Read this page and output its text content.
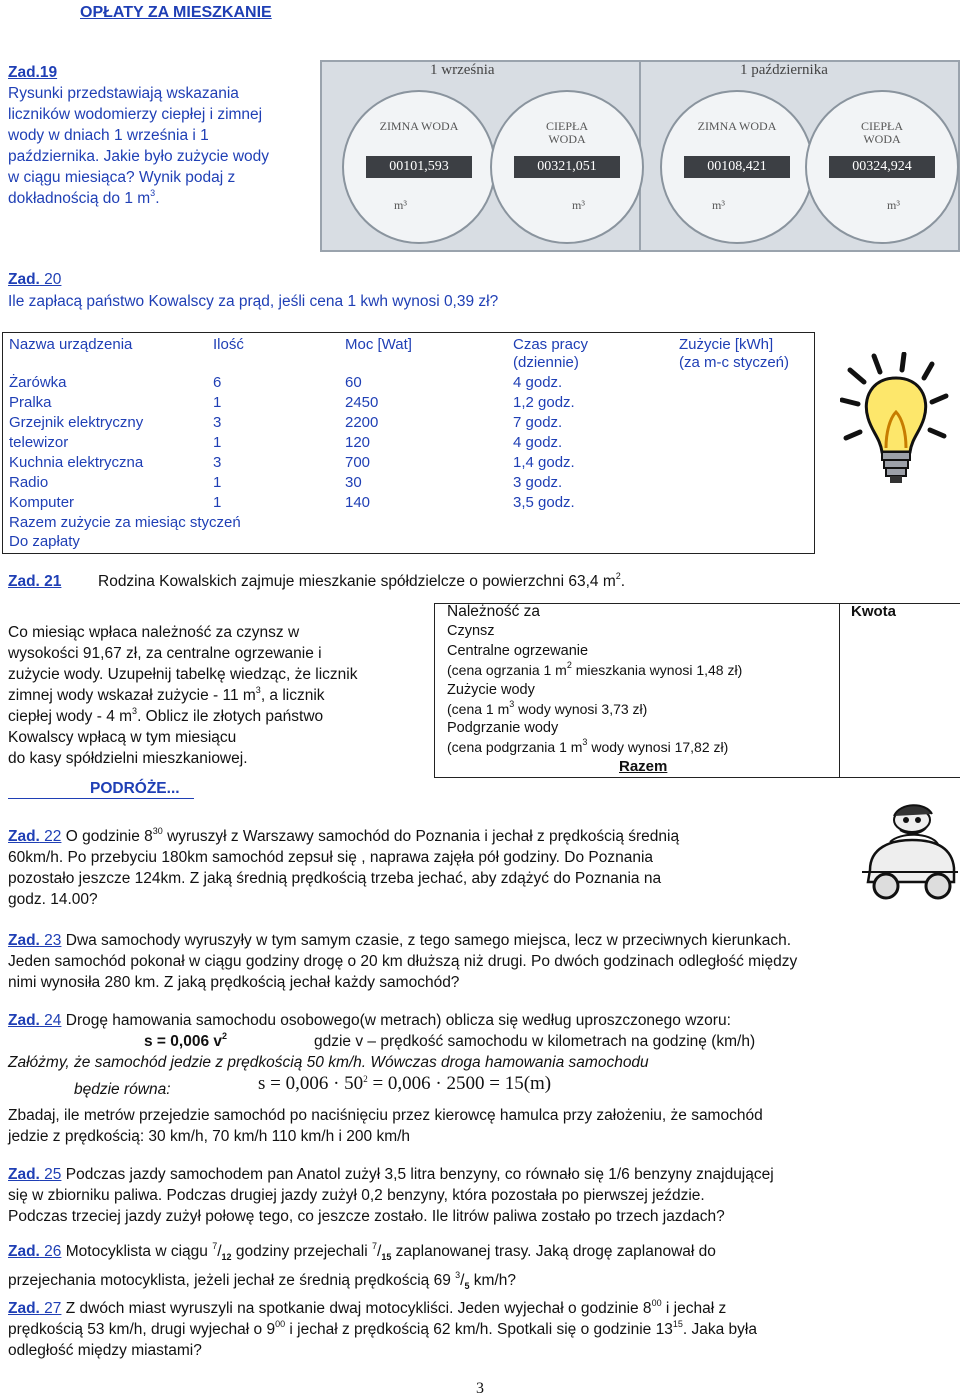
OPŁATY ZA MIESZKANIE
Zad.19
Rysunki przedstawiają wskazania
liczników wodomierzy ciepłej i zimnej
wody w dniach 1 września i 1
października. Jakie było zużycie wody
w ciągu miesiąca? Wynik podaj z
dokładnością do 1 $m^3$.
1 września	1 października
ZIMNA WODA
00101,593
m³
CIEPŁA WODA
00321,051
m³
ZIMNA WODA
00108,421
m³
CIEPŁA WODA
00324,924
m³
Zad. 20
Ile zapłacą państwo Kowalscy za prąd, jeśli cena 1 kwh wynosi 0,39 zł?
Nazwa urządzenia	Ilość	Moc [Wat]	Czas pracy
(dziennie)
Zużycie [kWh]
(za m-c styczeń)
Żarówka	6	60	4 godz.
Pralka	1	2450	1,2 godz.
Grzejnik elektryczny	3	2200	7 godz.
telewizor	1	120	4 godz.
Kuchnia elektryczna	3	700	1,4 godz.
Radio	1	30	3 godz.
Komputer	1	140	3,5 godz.
Razem zużycie za miesiąc styczeń
Do zapłaty
Zad. 21 Rodzina Kowalskich zajmuje mieszkanie spółdzielcze o powierzchni 63,4 $m^2$.
Co miesiąc wpłaca należność za czynsz w
wysokości 91,67 zł, za centralne ogrzewanie i
zużycie wody. Uzupełnij tabelkę wiedząc, że licznik
zimnej wody wskazał zużycie - 11 $m^3$, a licznik
ciepłej wody - 4 $m^3$. Oblicz ile złotych państwo
Kowalscy wpłacą w tym miesiącu
do kasy spółdzielni mieszkaniowej.
Należność za	Kwota
Czynsz
Centralne ogrzewanie
(cena ogrzania 1 $m^2$ mieszkania wynosi 1,48 zł)
Zużycie wody
(cena 1 $m^3$ wody wynosi 3,73 zł)
Podgrzanie wody
(cena podgrzania 1 $m^3$ wody wynosi 17,82 zł)
Razem
PODRÓŻE...
Zad. 22 O godzinie $8^{30}$ wyruszył z Warszawy samochód do Poznania i jechał z prędkością średnią
60km/h. Po przebyciu 180km samochód zepsuł się , naprawa zajęła pół godziny. Do Poznania
pozostało jeszcze 124km. Z jaką średnią prędkością trzeba jechać, aby zdążyć do Poznania na
godz. 14.00?
Zad. 23 Dwa samochody wyruszyły w tym samym czasie, z tego samego miejsca, lecz w przeciwnych kierunkach.
Jeden samochód pokonał w ciągu godziny drogę o 20 km dłuższą niż drugi. Po dwóch godzinach odległość między
nimi wynosiła 280 km. Z jaką prędkością jechał każdy samochód?
Zad. 24 Drogę hamowania samochodu osobowego(w metrach) oblicza się według uproszczonego wzoru:
s = 0,006 $v^2$	gdzie v – prędkość samochodu w kilometrach na godzinę (km/h)
Załóżmy, że samochód jedzie z prędkością 50 km/h. Wówczas droga hamowania samochodu
będzie równa:	$s = 0,006 \cdot 50^2 = 0,006 \cdot 2500 = 15(m)$
Zbadaj, ile metrów przejedzie samochód po naciśnięciu przez kierowcę hamulca przy założeniu, że samochód
jedzie z prędkością: 30 km/h, 70 km/h 110 km/h i 200 km/h
Zad. 25 Podczas jazdy samochodem pan Anatol zużył 3,5 litra benzyny, co równało się 1/6 benzyny znajdującej
się w zbiorniku paliwa. Podczas drugiej jazdy zużył 0,2 benzyny, która pozostała po pierwszej jeździe.
Podczas trzeciej jazdy zużył połowę tego, co jeszcze zostało. Ile litrów paliwa zostało po trzech jazdach?
Zad. 26 Motocyklista w ciągu $^7/_{12}$ godziny przejechali $^7/_{15}$ zaplanowanej trasy. Jaką drogę zaplanował do
przejechania motocyklista, jeżeli jechał ze średnią prędkością 69 $^3/_5$ km/h?
Zad. 27 Z dwóch miast wyruszyli na spotkanie dwaj motocykliści. Jeden wyjechał o godzinie $8^{00}$ i jechał z
prędkością 53 km/h, drugi wyjechał o $9^{00}$ i jechał z prędkością 62 km/h. Spotkali się o godzinie $13^{15}$. Jaka była
odległość między miastami?
3
